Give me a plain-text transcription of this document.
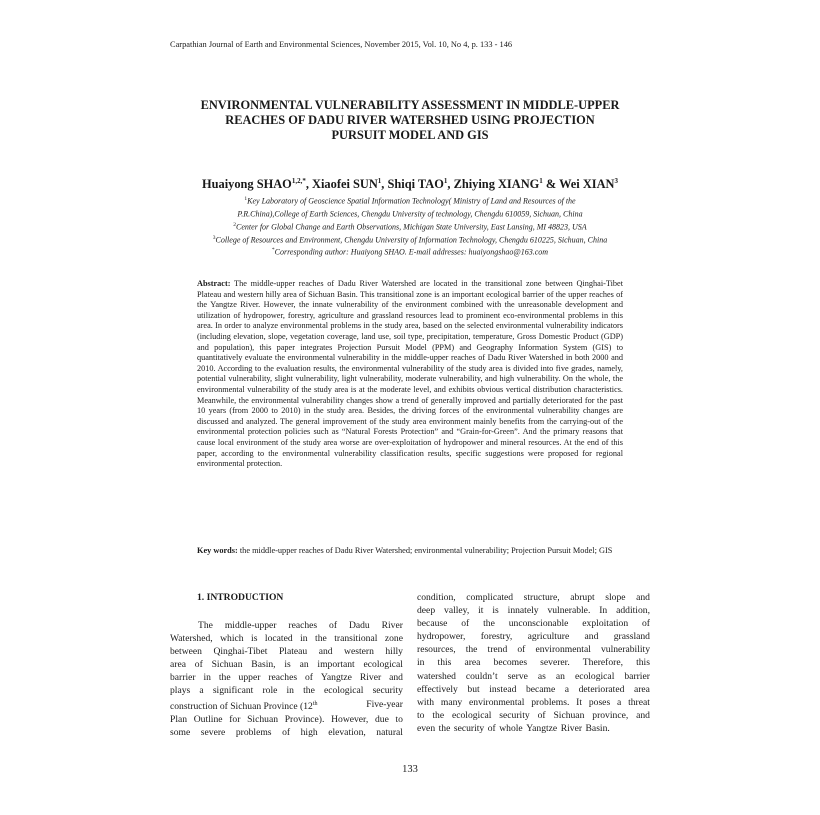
Carpathian Journal of Earth and Environmental Sciences, November 2015, Vol. 10, No 4, p. 133 - 146
ENVIRONMENTAL VULNERABILITY ASSESSMENT IN MIDDLE-UPPER
REACHES OF DADU RIVER WATERSHED USING PROJECTION
PURSUIT MODEL AND GIS
Huaiyong $SHAO^{1,2,*}$, Xiaofei SUN$^1$, Shiqi TAO$^1$, Zhiying XIANG$^1$ & Wei XIAN$^3$
$^1$Key Laboratory of Geoscience Spatial Information Technology( Ministry of Land and Resources of the
P.R.China),College of Earth Sciences, Chengdu University of technology, Chengdu 610059, Sichuan, China
$^2$Center for Global Change and Earth Observations, Michigan State University, East Lansing, MI 48823, USA
$^3$College of Resources and Environment, Chengdu University of Information Technology, Chengdu 610225, Sichuan, China
*Corresponding author: Huaiyong SHAO. E-mail addresses: huaiyongshao@163.com
Abstract: The middle-upper reaches of Dadu River Watershed are located in the transitional zone between Qinghai-Tibet Plateau and western hilly area of Sichuan Basin. This transitional zone is an important ecological barrier of the upper reaches of the Yangtze River. However, the innate vulnerability of the environment combined with the unreasonable development and utilization of hydropower, forestry, agriculture and grassland resources lead to prominent eco-environmental problems in this area. In order to analyze environmental problems in the study area, based on the selected environmental vulnerability indicators (including elevation, slope, vegetation coverage, land use, soil type, precipitation, temperature, Gross Domestic Product (GDP) and population), this paper integrates Projection Pursuit Model (PPM) and Geography Information System (GIS) to quantitatively evaluate the environmental vulnerability in the middle-upper reaches of Dadu River Watershed in both 2000 and 2010. According to the evaluation results, the environmental vulnerability of the study area is divided into five grades, namely, potential vulnerability, slight vulnerability, light vulnerability, moderate vulnerability, and high vulnerability. On the whole, the environmental vulnerability of the study area is at the moderate level, and exhibits obvious vertical distribution characteristics. Meanwhile, the environmental vulnerability changes show a trend of generally improved and partially deteriorated for the past 10 years (from 2000 to 2010) in the study area. Besides, the driving forces of the environmental vulnerability changes are discussed and analyzed. The general improvement of the study area environment mainly benefits from the carrying-out of the environmental protection policies such as “Natural Forests Protection” and “Grain-for-Green”. And the primary reasons that cause local environment of the study area worse are over-exploitation of hydropower and mineral resources. At the end of this paper, according to the environmental vulnerability classification results, specific suggestions were proposed for regional environmental protection.
Key words: the middle-upper reaches of Dadu River Watershed; environmental vulnerability; Projection Pursuit Model; GIS
1. INTRODUCTION
The middle-upper reaches of Dadu River
Watershed, which is located in the transitional zone
between Qinghai-Tibet Plateau and western hilly
area of Sichuan Basin, is an important ecological
barrier in the upper reaches of Yangtze River and
plays a significant role in the ecological security
construction of Sichuan Province (12th	Five-year
Plan Outline for Sichuan Province). However, due to
some severe problems of high elevation, natural
condition, complicated structure, abrupt slope and
deep valley, it is innately vulnerable. In addition,
because of the unconscionable exploitation of
hydropower, forestry, agriculture and grassland
resources, the trend of environmental vulnerability
in this area becomes severer. Therefore, this
watershed couldn’t serve as an ecological barrier
effectively but instead became a deteriorated area
with many environmental problems. It poses a threat
to the ecological security of Sichuan province, and
even the security of whole Yangtze River Basin.
133
